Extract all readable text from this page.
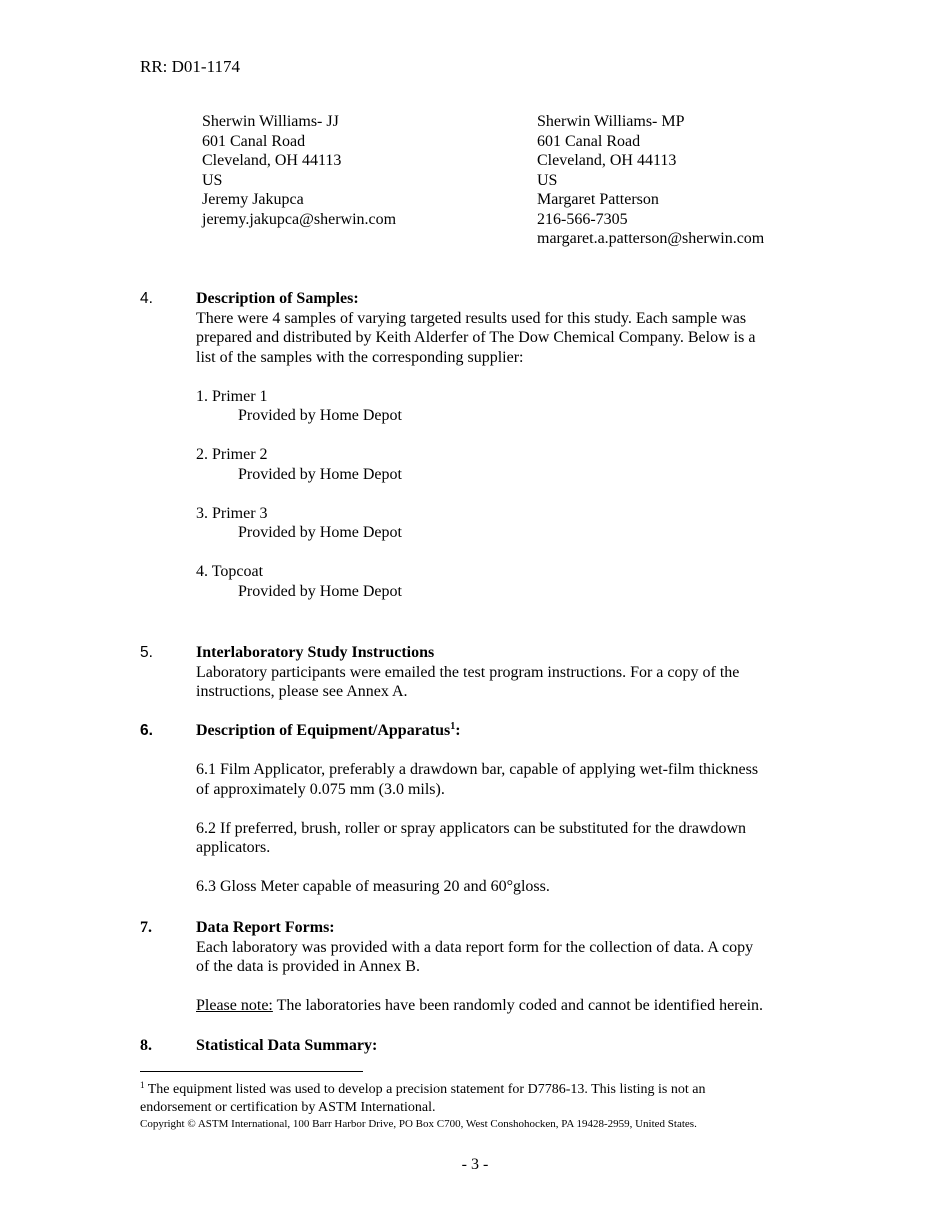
RR: D01-1174
Sherwin Williams- JJ
601 Canal Road
Cleveland, OH 44113
US
Jeremy Jakupca
jeremy.jakupca@sherwin.com
Sherwin Williams- MP
601 Canal Road
Cleveland, OH 44113
US
Margaret Patterson
216-566-7305
margaret.a.patterson@sherwin.com
4.	Description of Samples:
There were 4 samples of varying targeted results used for this study. Each sample was
prepared and distributed by Keith Alderfer of The Dow Chemical Company. Below is a
list of the samples with the corresponding supplier:
1. Primer 1
Provided by Home Depot
2. Primer 2
Provided by Home Depot
3. Primer 3
Provided by Home Depot
4. Topcoat
Provided by Home Depot
5.	Interlaboratory Study Instructions
Laboratory participants were emailed the test program instructions. For a copy of the
instructions, please see Annex A.
6.	Description of Equipment/Apparatus$^1$:
6.1 Film Applicator, preferably a drawdown bar, capable of applying wet-film thickness
of approximately 0.075 mm (3.0 mils).
6.2 If preferred, brush, roller or spray applicators can be substituted for the drawdown
applicators.
6.3 Gloss Meter capable of measuring 20 and 60°gloss.
7.	Data Report Forms:
Each laboratory was provided with a data report form for the collection of data. A copy
of the data is provided in Annex B.
Please note: The laboratories have been randomly coded and cannot be identified herein.
8.	Statistical Data Summary:
$^1$ The equipment listed was used to develop a precision statement for D7786-13. This listing is not an
endorsement or certification by ASTM International.
Copyright © ASTM International, 100 Barr Harbor Drive, PO Box C700, West Conshohocken, PA 19428-2959, United States.
- 3 -
